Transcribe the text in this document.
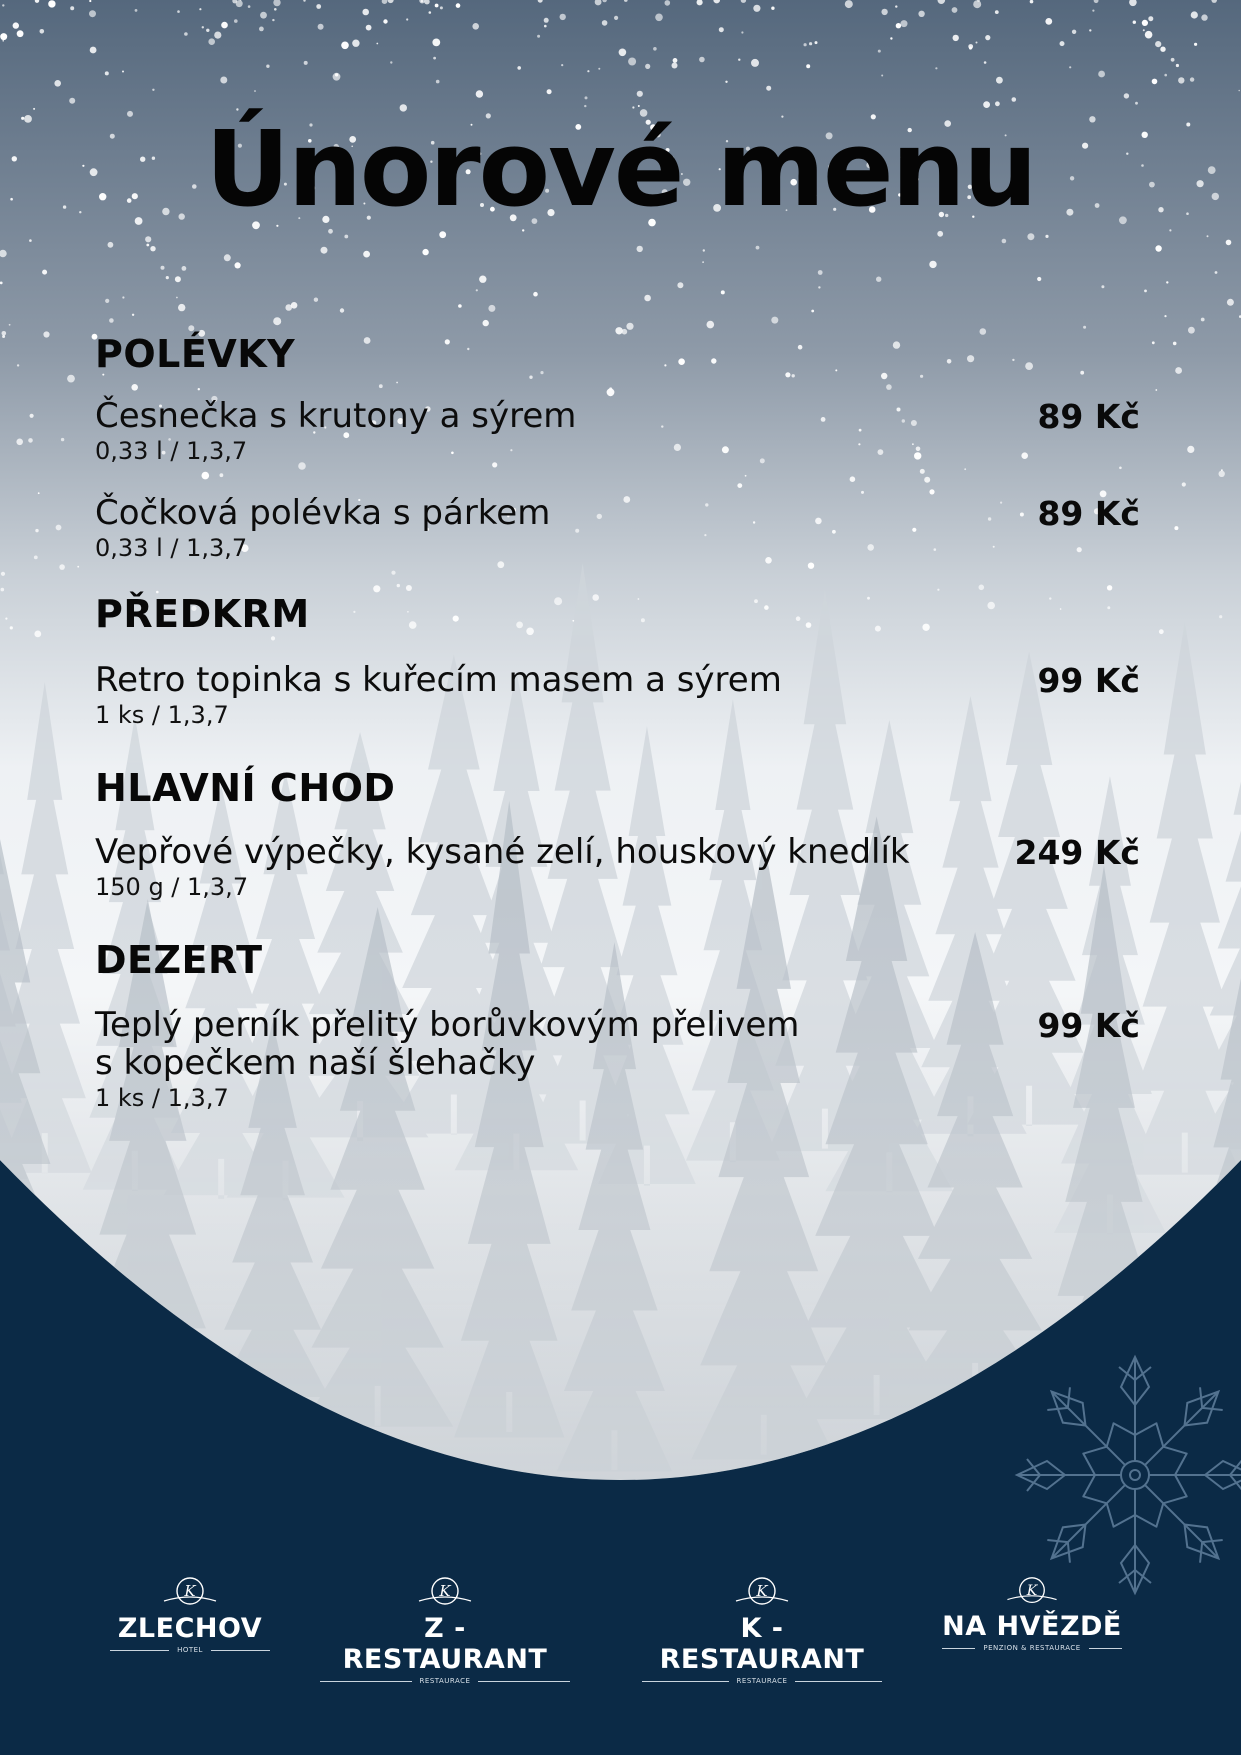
Únorové menu
POLÉVKY
Česnečka s krutony a sýrem
0,33 l / 1,3,7
89 Kč
Čočková polévka s párkem
0,33 l / 1,3,7
89 Kč
PŘEDKRM
Retro topinka s kuřecím masem a sýrem
1 ks / 1,3,7
99 Kč
HLAVNÍ CHOD
Vepřové výpečky, kysané zelí, houskový knedlík
150 g / 1,3,7
249 Kč
DEZERT
Teplý perník přelitý borůvkovým přelivem
s kopečkem naší šlehačky
1 ks / 1,3,7
99 Kč
K
ZLECHOV
HOTEL
K
Z - RESTAURANT
RESTAURACE
K
K - RESTAURANT
RESTAURACE
K
NA HVĚZDĚ
PENZION & RESTAURACE
